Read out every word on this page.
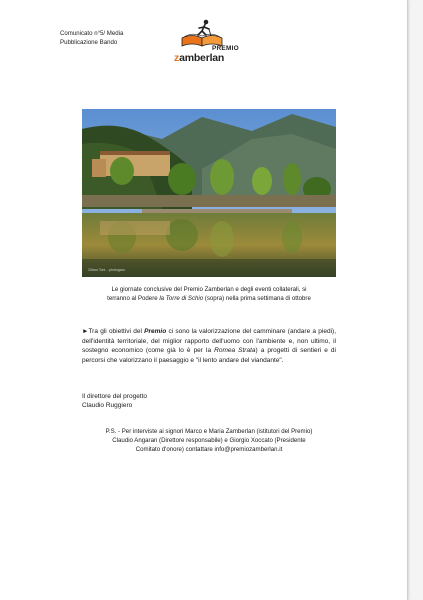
Comunicato n°5/ Media
Pubblicazione Bando
PREMIO
zamberlan
Cillaro Toni ...photogaro
Le giornate conclusive del Premio Zamberlan e degli eventi collaterali, si
terranno al Podere la Torre di Schio (sopra) nella prima settimana di ottobre
►Tra gli obiettivi del Premio ci sono la valorizzazione del camminare (andare a piedi), dell'identità territoriale, del miglior rapporto dell'uomo con l'ambiente e, non ultimo, il sostegno economico (come già lo è per la Romea Strata) a progetti di sentieri e di percorsi che valorizzano il paesaggio e "il lento andare del viandante".
Il direttore del progetto
Claudio Ruggiero
P.S. - Per interviste ai signori Marco e Maria Zamberlan (istitutori del Premio)
Claudio Angaran (Direttore responsabile) e Giorgio Xoccato (Presidente
Comitato d'onore) contattare info@premiozamberlan.it
